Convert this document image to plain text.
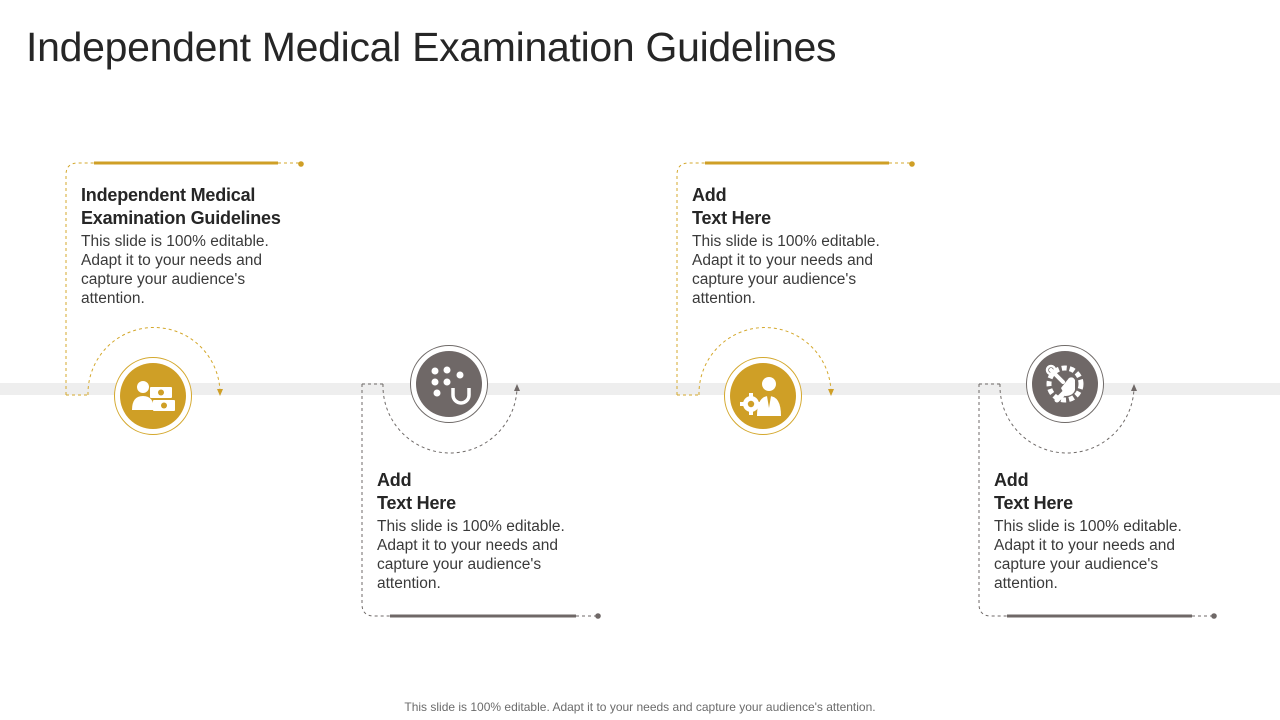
Independent Medical Examination Guidelines
Independent Medical
Examination Guidelines
This slide is 100% editable. Adapt it to your needs and capture your audience's attention.
Add
Text Here
This slide is 100% editable. Adapt it to your needs and capture your audience's attention.
Add
Text Here
This slide is 100% editable. Adapt it to your needs and capture your audience's attention.
Add
Text Here
This slide is 100% editable. Adapt it to your needs and capture your audience's attention.
This slide is 100% editable. Adapt it to your needs and capture your audience's attention.
